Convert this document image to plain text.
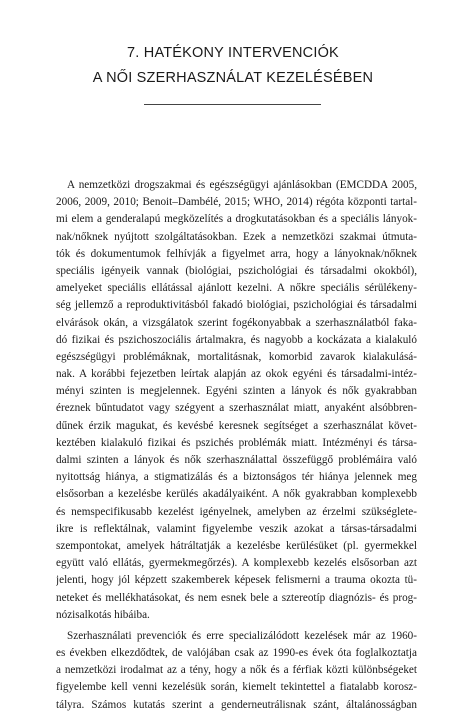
7. HATÉKONY INTERVENCIÓK
A NŐI SZERHASZNÁLAT KEZELÉSÉBEN
A nemzetközi drogszakmai és egészségügyi ajánlásokban (EMCDDA 2005,
2006, 2009, 2010; Benoit–Dambélé, 2015; WHO, 2014) régóta központi tartal-
mi elem a genderalapú megközelítés a drogkutatásokban és a speciális lányok-
nak/nőknek nyújtott szolgáltatásokban. Ezek a nemzetközi szakmai útmuta-
tók és dokumentumok felhívják a figyelmet arra, hogy a lányoknak/nőknek
speciális igényeik vannak (biológiai, pszichológiai és társadalmi okokból),
amelyeket speciális ellátással ajánlott kezelni. A nőkre speciális sérülékeny-
ség jellemző a reproduktivitásból fakadó biológiai, pszichológiai és társadalmi
elvárások okán, a vizsgálatok szerint fogékonyabbak a szerhasználatból faka-
dó fizikai és pszichoszociális ártalmakra, és nagyobb a kockázata a kialakuló
egészségügyi problémáknak, mortalitásnak, komorbid zavarok kialakulásá-
nak. A korábbi fejezetben leírtak alapján az okok egyéni és társadalmi-intéz-
ményi szinten is megjelennek. Egyéni szinten a lányok és nők gyakrabban
éreznek bűntudatot vagy szégyent a szerhasználat miatt, anyaként alsóbbren-
dűnek érzik magukat, és kevésbé keresnek segítséget a szerhasználat követ-
keztében kialakuló fizikai és pszichés problémák miatt. Intézményi és társa-
dalmi szinten a lányok és nők szerhasználattal összefüggő problémáira való
nyitottság hiánya, a stigmatizálás és a biztonságos tér hiánya jelennek meg
elsősorban a kezelésbe kerülés akadályaiként. A nők gyakrabban komplexebb
és nemspecifikusabb kezelést igényelnek, amelyben az érzelmi szükséglete-
ikre is reflektálnak, valamint figyelembe veszik azokat a társas-társadalmi
szempontokat, amelyek hátráltatják a kezelésbe kerülésüket (pl. gyermekkel
együtt való ellátás, gyermekmegőrzés). A komplexebb kezelés elsősorban azt
jelenti, hogy jól képzett szakemberek képesek felismerni a trauma okozta tü-
neteket és mellékhatásokat, és nem esnek bele a sztereotíp diagnózis- és prog-
nózisalkotás hibáiba.
Szerhasználati prevenciók és erre specializálódott kezelések már az 1960-
es években elkezdődtek, de valójában csak az 1990-es évek óta foglalkoztatja
a nemzetközi irodalmat az a tény, hogy a nők és a férfiak közti különbségeket
figyelembe kell venni kezelésük során, kiemelt tekintettel a fiatalabb korosz-
tályra. Számos kutatás szerint a genderneutrálisnak szánt, általánosságban
